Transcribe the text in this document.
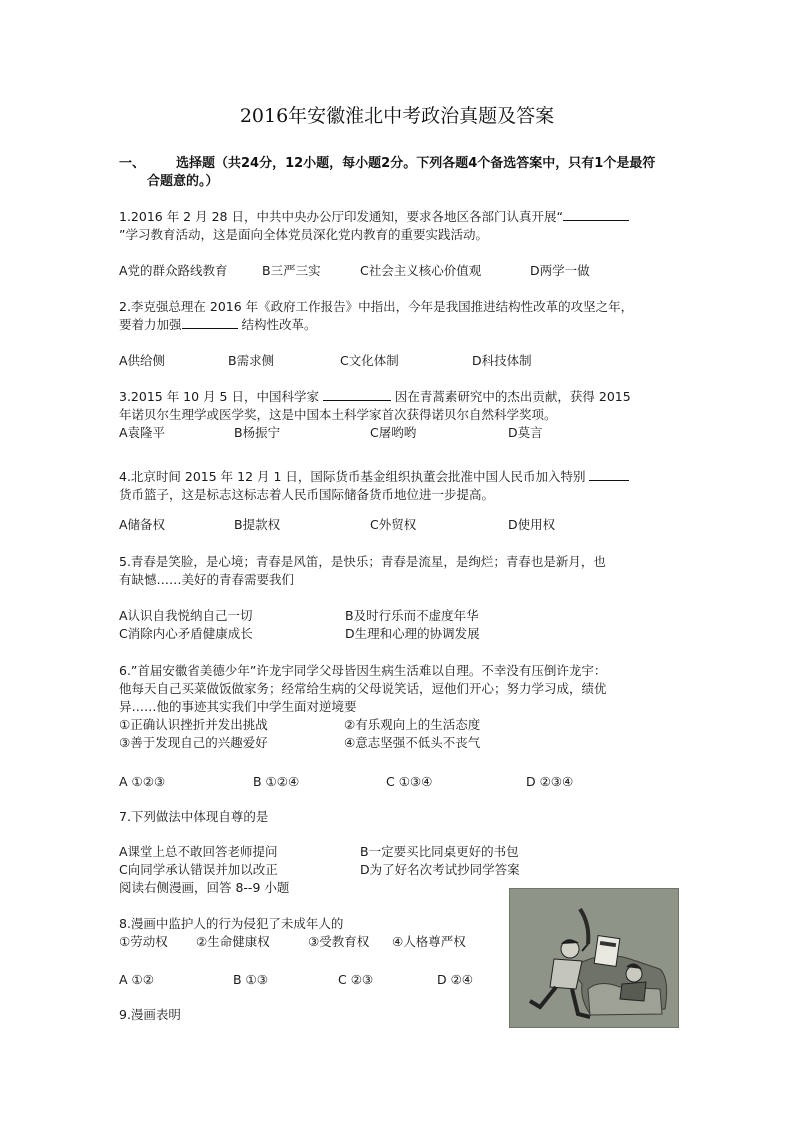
2016年安徽淮北中考政治真题及答案
一、 选择题（共24分，12小题，每小题2分。下列各题4个备选答案中，只有1个是最符
合题意的。）
1.2016 年 2 月 28 日，中共中央办公厅印发通知，要求各地区各部门认真开展“
”学习教育活动，这是面向全体党员深化党内教育的重要实践活动。
A党的群众路线教育	B三严三实	C社会主义核心价值观	D两学一做
2.李克强总理在 2016 年《政府工作报告》中指出，今年是我国推进结构性改革的攻坚之年，
要着力加强	结构性改革。
A供给侧	B需求侧	C文化体制	D科技体制
3.2015 年 10 月 5 日，中国科学家	因在青蒿素研究中的杰出贡献，获得 2015
年诺贝尔生理学或医学奖，这是中国本土科学家首次获得诺贝尔自然科学奖项。
A袁隆平	B杨振宁	C屠哟哟	D莫言
4.北京时间 2015 年 12 月 1 日，国际货币基金组织执董会批准中国人民币加入特别
货币篮子，这是标志这标志着人民币国际储备货币地位进一步提高。
A储备权	B提款权	C外贸权	D使用权
5.青春是笑脸，是心境；青春是风笛，是快乐；青春是流星，是绚烂；青春也是新月，也
有缺憾……美好的青春需要我们
A认识自我悦纳自己一切	B及时行乐而不虚度年华
C消除内心矛盾健康成长	D生理和心理的协调发展
6.”首届安徽省美德少年”许龙宇同学父母皆因生病生活难以自理。不幸没有压倒许龙宇：
他每天自己买菜做饭做家务；经常给生病的父母说笑话，逗他们开心；努力学习成，绩优
异……他的事迹其实我们中学生面对逆境要
①正确认识挫折并发出挑战	②有乐观向上的生活态度
③善于发现自己的兴趣爱好	④意志坚强不低头不丧气
A ①②③	B ①②④	C ①③④	D ②③④
7.下列做法中体现自尊的是
A课堂上总不敢回答老师提问	B一定要买比同桌更好的书包
C向同学承认错误并加以改正	D为了好名次考试抄同学答案
阅读右侧漫画，回答 8--9 小题
8.漫画中监护人的行为侵犯了未成年人的
①劳动权 ②生命健康权	③受教育权 ④人格尊严权
A ①②	B ①③	C ②③	D ②④
9.漫画表明
